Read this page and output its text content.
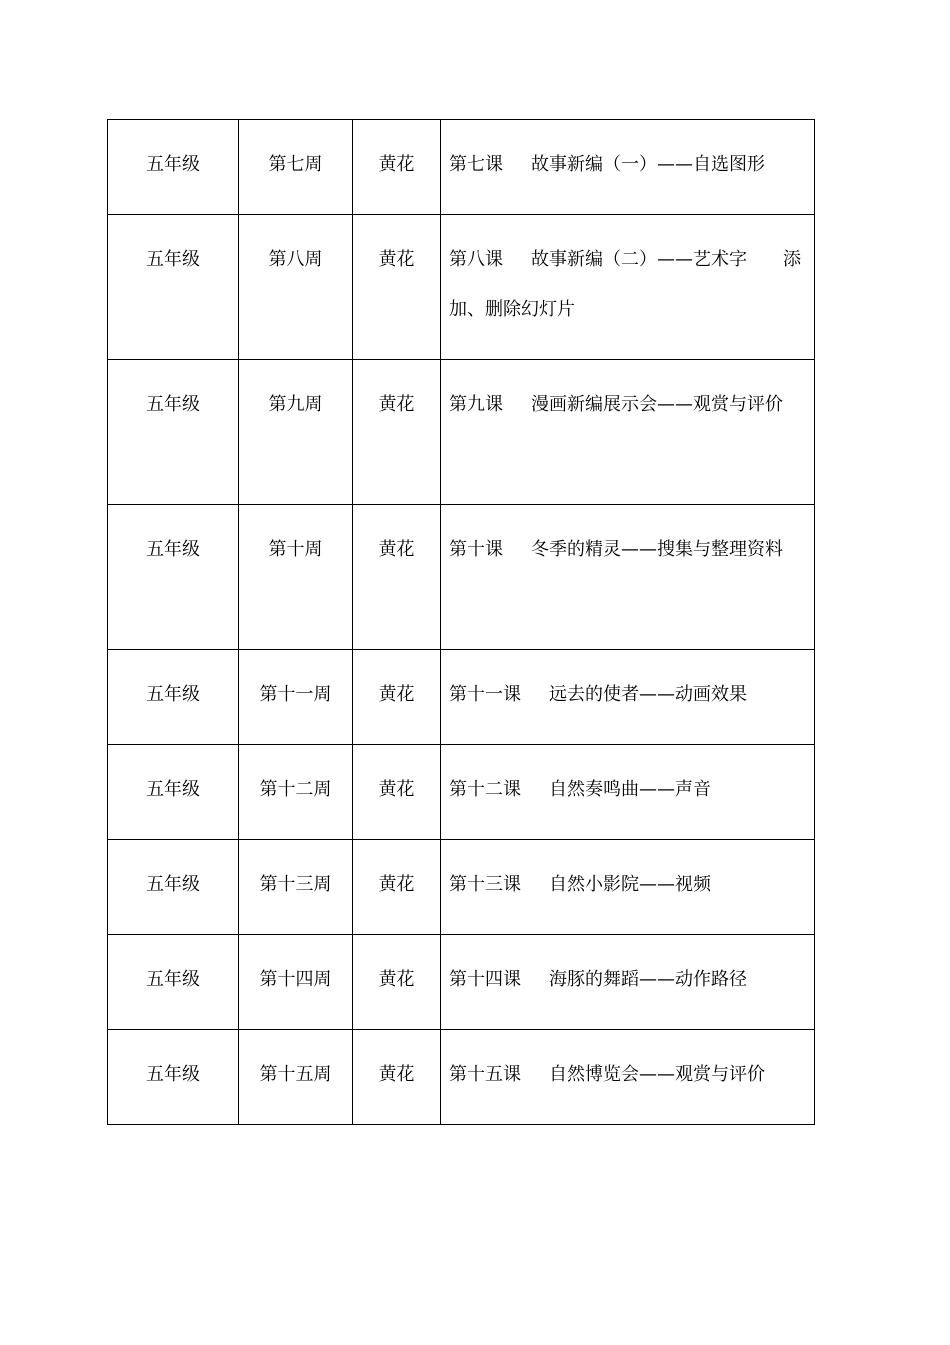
五年级	第七周	黄花	第七课 故事新编（一）——自选图形
五年级	第八周	黄花	第八课 故事新编（二）——艺术字　　添加、删除幻灯片
五年级	第九周	黄花	第九课 漫画新编展示会——观赏与评价
五年级	第十周	黄花	第十课 冬季的精灵——搜集与整理资料
五年级	第十一周	黄花	第十一课 远去的使者——动画效果
五年级	第十二周	黄花	第十二课 自然奏鸣曲——声音
五年级	第十三周	黄花	第十三课 自然小影院——视频
五年级	第十四周	黄花	第十四课 海豚的舞蹈——动作路径
五年级	第十五周	黄花	第十五课 自然博览会——观赏与评价
